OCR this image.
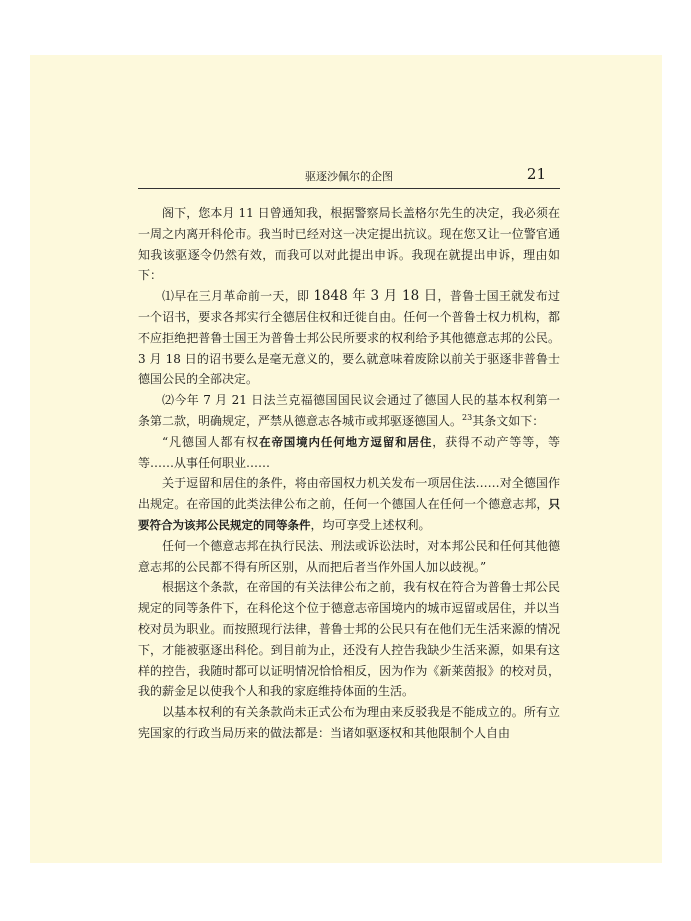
驱逐沙佩尔的企图	21

阁下，您本月 11 日曾通知我，根据警察局长盖格尔先生的决定，我必须在一周之内离开科伦市。我当时已经对这一决定提出抗议。现在您又让一位警官通知我该驱逐令仍然有效，而我可以对此提出申诉。我现在就提出申诉，理由如下：

⑴早在三月革命前一天，即 1848 年 3 月 18 日，普鲁士国王就发布过一个诏书，要求各邦实行全德居住权和迁徙自由。任何一个普鲁士权力机构，都不应拒绝把普鲁士国王为普鲁士邦公民所要求的权利给予其他德意志邦的公民。3 月 18 日的诏书要么是毫无意义的，要么就意味着废除以前关于驱逐非普鲁士德国公民的全部决定。

⑵今年 7 月 21 日法兰克福德国国民议会通过了德国人民的基本权利第一条第二款，明确规定，严禁从德意志各城市或邦驱逐德国人。$^{23}$其条文如下：

“凡德国人都有权在帝国境内任何地方逗留和居住，获得不动产等等，等等……从事任何职业……

关于逗留和居住的条件，将由帝国权力机关发布一项居住法……对全德国作出规定。在帝国的此类法律公布之前，任何一个德国人在任何一个德意志邦，只要符合为该邦公民规定的同等条件，均可享受上述权利。

任何一个德意志邦在执行民法、刑法或诉讼法时，对本邦公民和任何其他德意志邦的公民都不得有所区别，从而把后者当作外国人加以歧视。”

根据这个条款，在帝国的有关法律公布之前，我有权在符合为普鲁士邦公民规定的同等条件下，在科伦这个位于德意志帝国境内的城市逗留或居住，并以当校对员为职业。而按照现行法律，普鲁士邦的公民只有在他们无生活来源的情况下，才能被驱逐出科伦。到目前为止，还没有人控告我缺少生活来源，如果有这样的控告，我随时都可以证明情况恰恰相反，因为作为《新莱茵报》的校对员，我的薪金足以使我个人和我的家庭维持体面的生活。

以基本权利的有关条款尚未正式公布为理由来反驳我是不能成立的。所有立宪国家的行政当局历来的做法都是：当诸如驱逐权和其他限制个人自由
